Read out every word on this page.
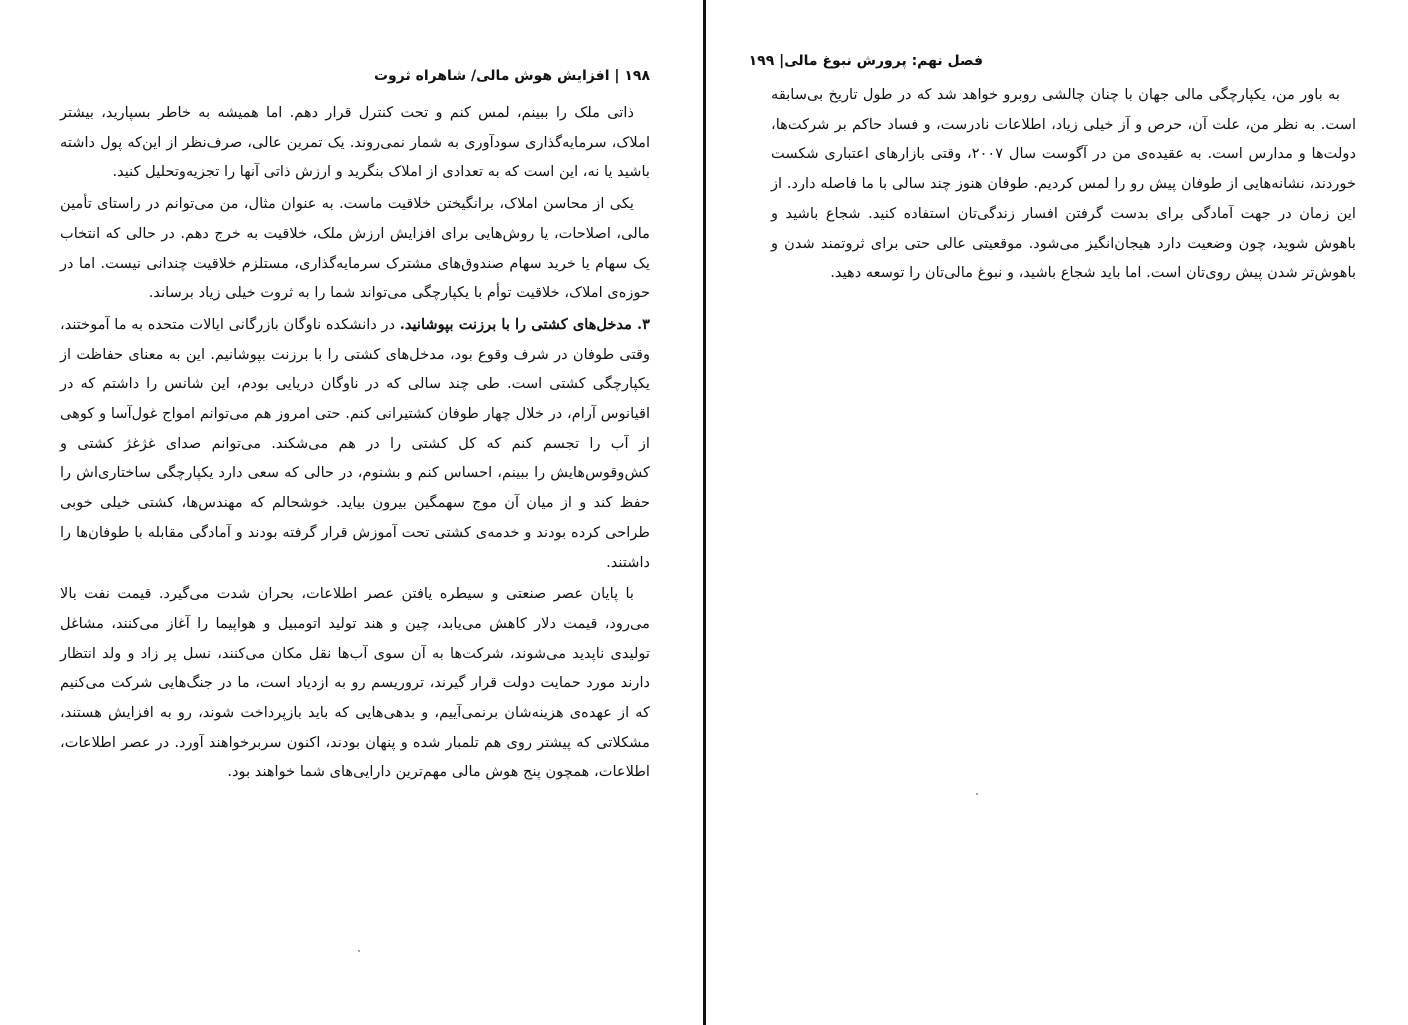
۱۹۸ | افزایش هوش مالی/ شاهراه ثروت

ذاتی ملک را ببینم، لمس کنم و تحت کنترل قرار دهم. اما همیشه به خاطر بسپارید، بیشتر املاک، سرمایه‌گذاری سودآوری به شمار نمی‌روند. یک تمرین عالی، صرف‌نظر از این‌که پول داشته باشید یا نه، این است که به تعدادی از املاک بنگرید و ارزش ذاتی آنها را تجزیه‌وتحلیل کنید.

یکی از محاسن املاک، برانگیختن خلاقیت ماست. به عنوان مثال، من می‌توانم در راستای تأمین مالی، اصلاحات، یا روش‌هایی برای افزایش ارزش ملک، خلاقیت به خرج دهم. در حالی که انتخاب یک سهام یا خرید سهام صندوق‌های مشترک سرمایه‌گذاری، مستلزم خلاقیت چندانی نیست. اما در حوزه‌ی املاک، خلاقیت توأم با یکپارچگی می‌تواند شما را به ثروت خیلی زیاد برساند.

۳. مدخل‌های کشتی را با برزنت بپوشانید. در دانشکده ناوگان بازرگانی ایالات متحده به ما آموختند، وقتی طوفان در شرف وقوع بود، مدخل‌های کشتی را با برزنت بپوشانیم. این به معنای حفاظت از یکپارچگی کشتی است. طی چند سالی که در ناوگان دریایی بودم، این شانس را داشتم که در اقیانوس آرام، در خلال چهار طوفان کشتیرانی کنم. حتی امروز هم می‌توانم امواج غول‌آسا و کوهی از آب را تجسم کنم که کل کشتی را در هم می‌شکند. می‌توانم صدای غژغژ کشتی و کش‌وقوس‌هایش را ببینم، احساس کنم و بشنوم، در حالی که سعی دارد یکپارچگی ساختاری‌اش را حفظ کند و از میان آن موج سهمگین بیرون بیاید. خوشحالم که مهندس‌ها، کشتی خیلی خوبی طراحی کرده بودند و خدمه‌ی کشتی تحت آموزش قرار گرفته بودند و آمادگی مقابله با طوفان‌ها را داشتند.

با پایان عصر صنعتی و سیطره یافتن عصر اطلاعات، بحران شدت می‌گیرد. قیمت نفت بالا می‌رود، قیمت دلار کاهش می‌یابد، چین و هند تولید اتومبیل و هواپیما را آغاز می‌کنند، مشاغل تولیدی ناپدید می‌شوند، شرکت‌ها به آن سوی آب‌ها نقل مکان می‌کنند، نسل پر زاد و ولد انتظار دارند مورد حمایت دولت قرار گیرند، تروریسم رو به ازدیاد است، ما در جنگ‌هایی شرکت می‌کنیم که از عهده‌ی هزینه‌شان برنمی‌آییم، و بدهی‌هایی که باید بازپرداخت شوند، رو به افزایش هستند، مشکلاتی که پیشتر روی هم تلمبار شده و پنهان بودند، اکنون سربرخواهند آورد. در عصر اطلاعات، اطلاعات، همچون پنج هوش مالی مهم‌ترین دارایی‌های شما خواهند بود.

فصل نهم: پرورش نبوغ مالی| ۱۹۹

به باور من، یکپارچگی مالی جهان با چنان چالشی روبرو خواهد شد که در طول تاریخ بی‌سابقه است. به نظر من، علت آن، حرص و آز خیلی زیاد، اطلاعات نادرست، و فساد حاکم بر شرکت‌ها، دولت‌ها و مدارس است. به عقیده‌ی من در آگوست سال ۲۰۰۷، وقتی بازارهای اعتباری شکست خوردند، نشانه‌هایی از طوفان پیش رو را لمس کردیم. طوفان هنوز چند سالی با ما فاصله دارد. از این زمان در جهت آمادگی برای بدست گرفتن افسار زندگی‌تان استفاده کنید. شجاع باشید و باهوش شوید، چون وضعیت دارد هیجان‌انگیز می‌شود. موقعیتی عالی حتی برای ثروتمند شدن و باهوش‌تر شدن پیش روی‌تان است. اما باید شجاع باشید، و نبوغ مالی‌تان را توسعه دهید.
